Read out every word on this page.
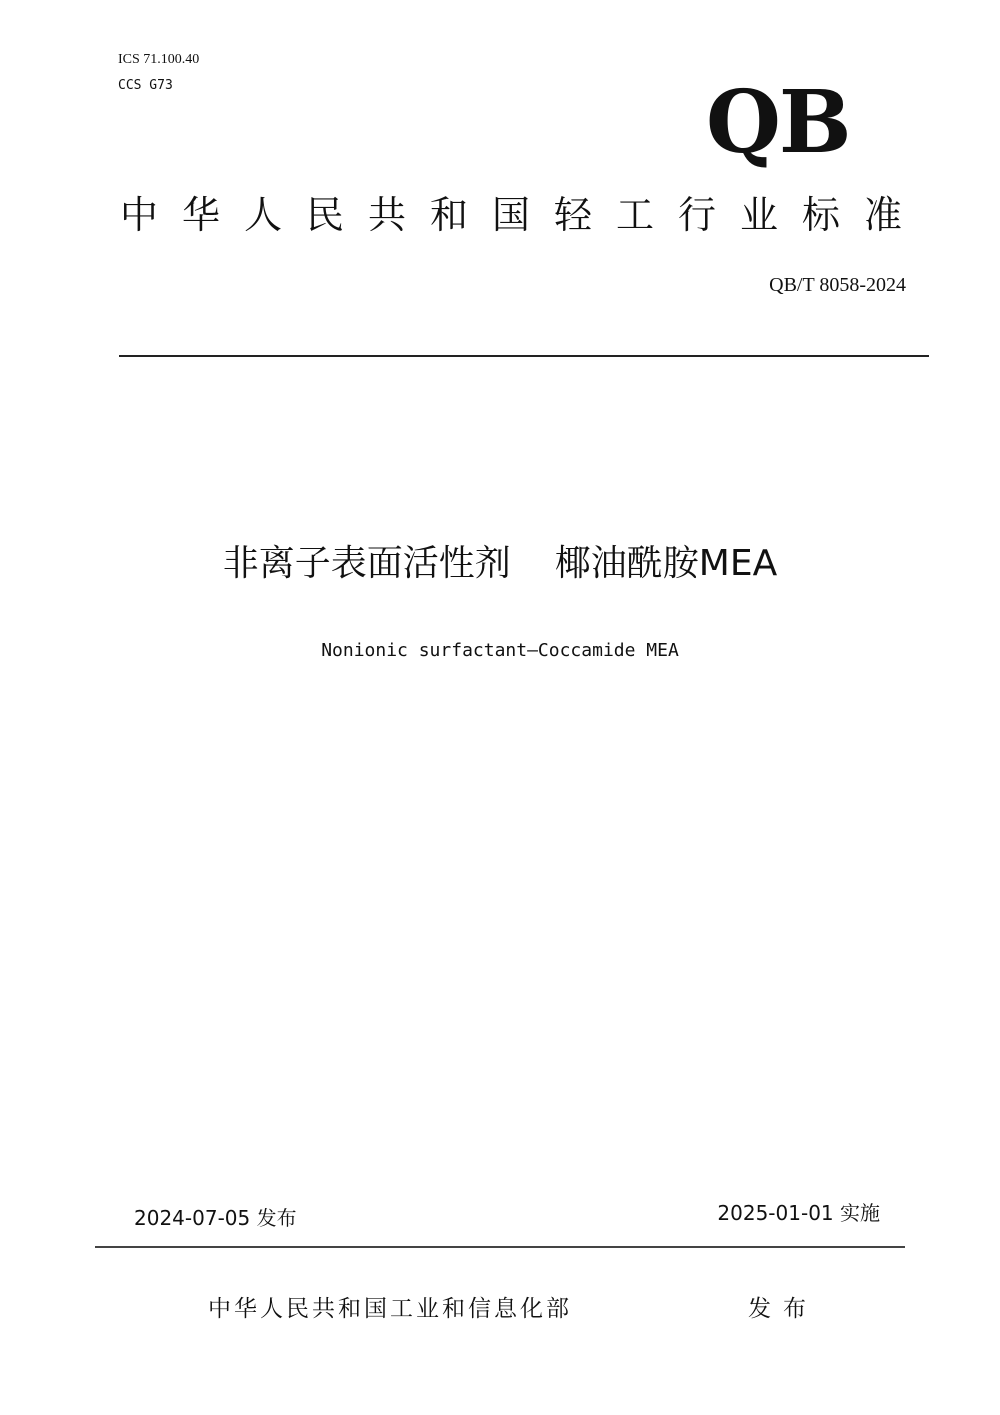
ICS 71.100.40
CCS G73	QB
中华人民共和国轻工行业标准
QB/T 8058-2024
非离子表面活性剂 椰油酰胺MEA
Nonionic surfactant—Coccamide MEA
2024-07-05 发布	2025-01-01 实施
中华人民共和国工业和信息化部	发布
